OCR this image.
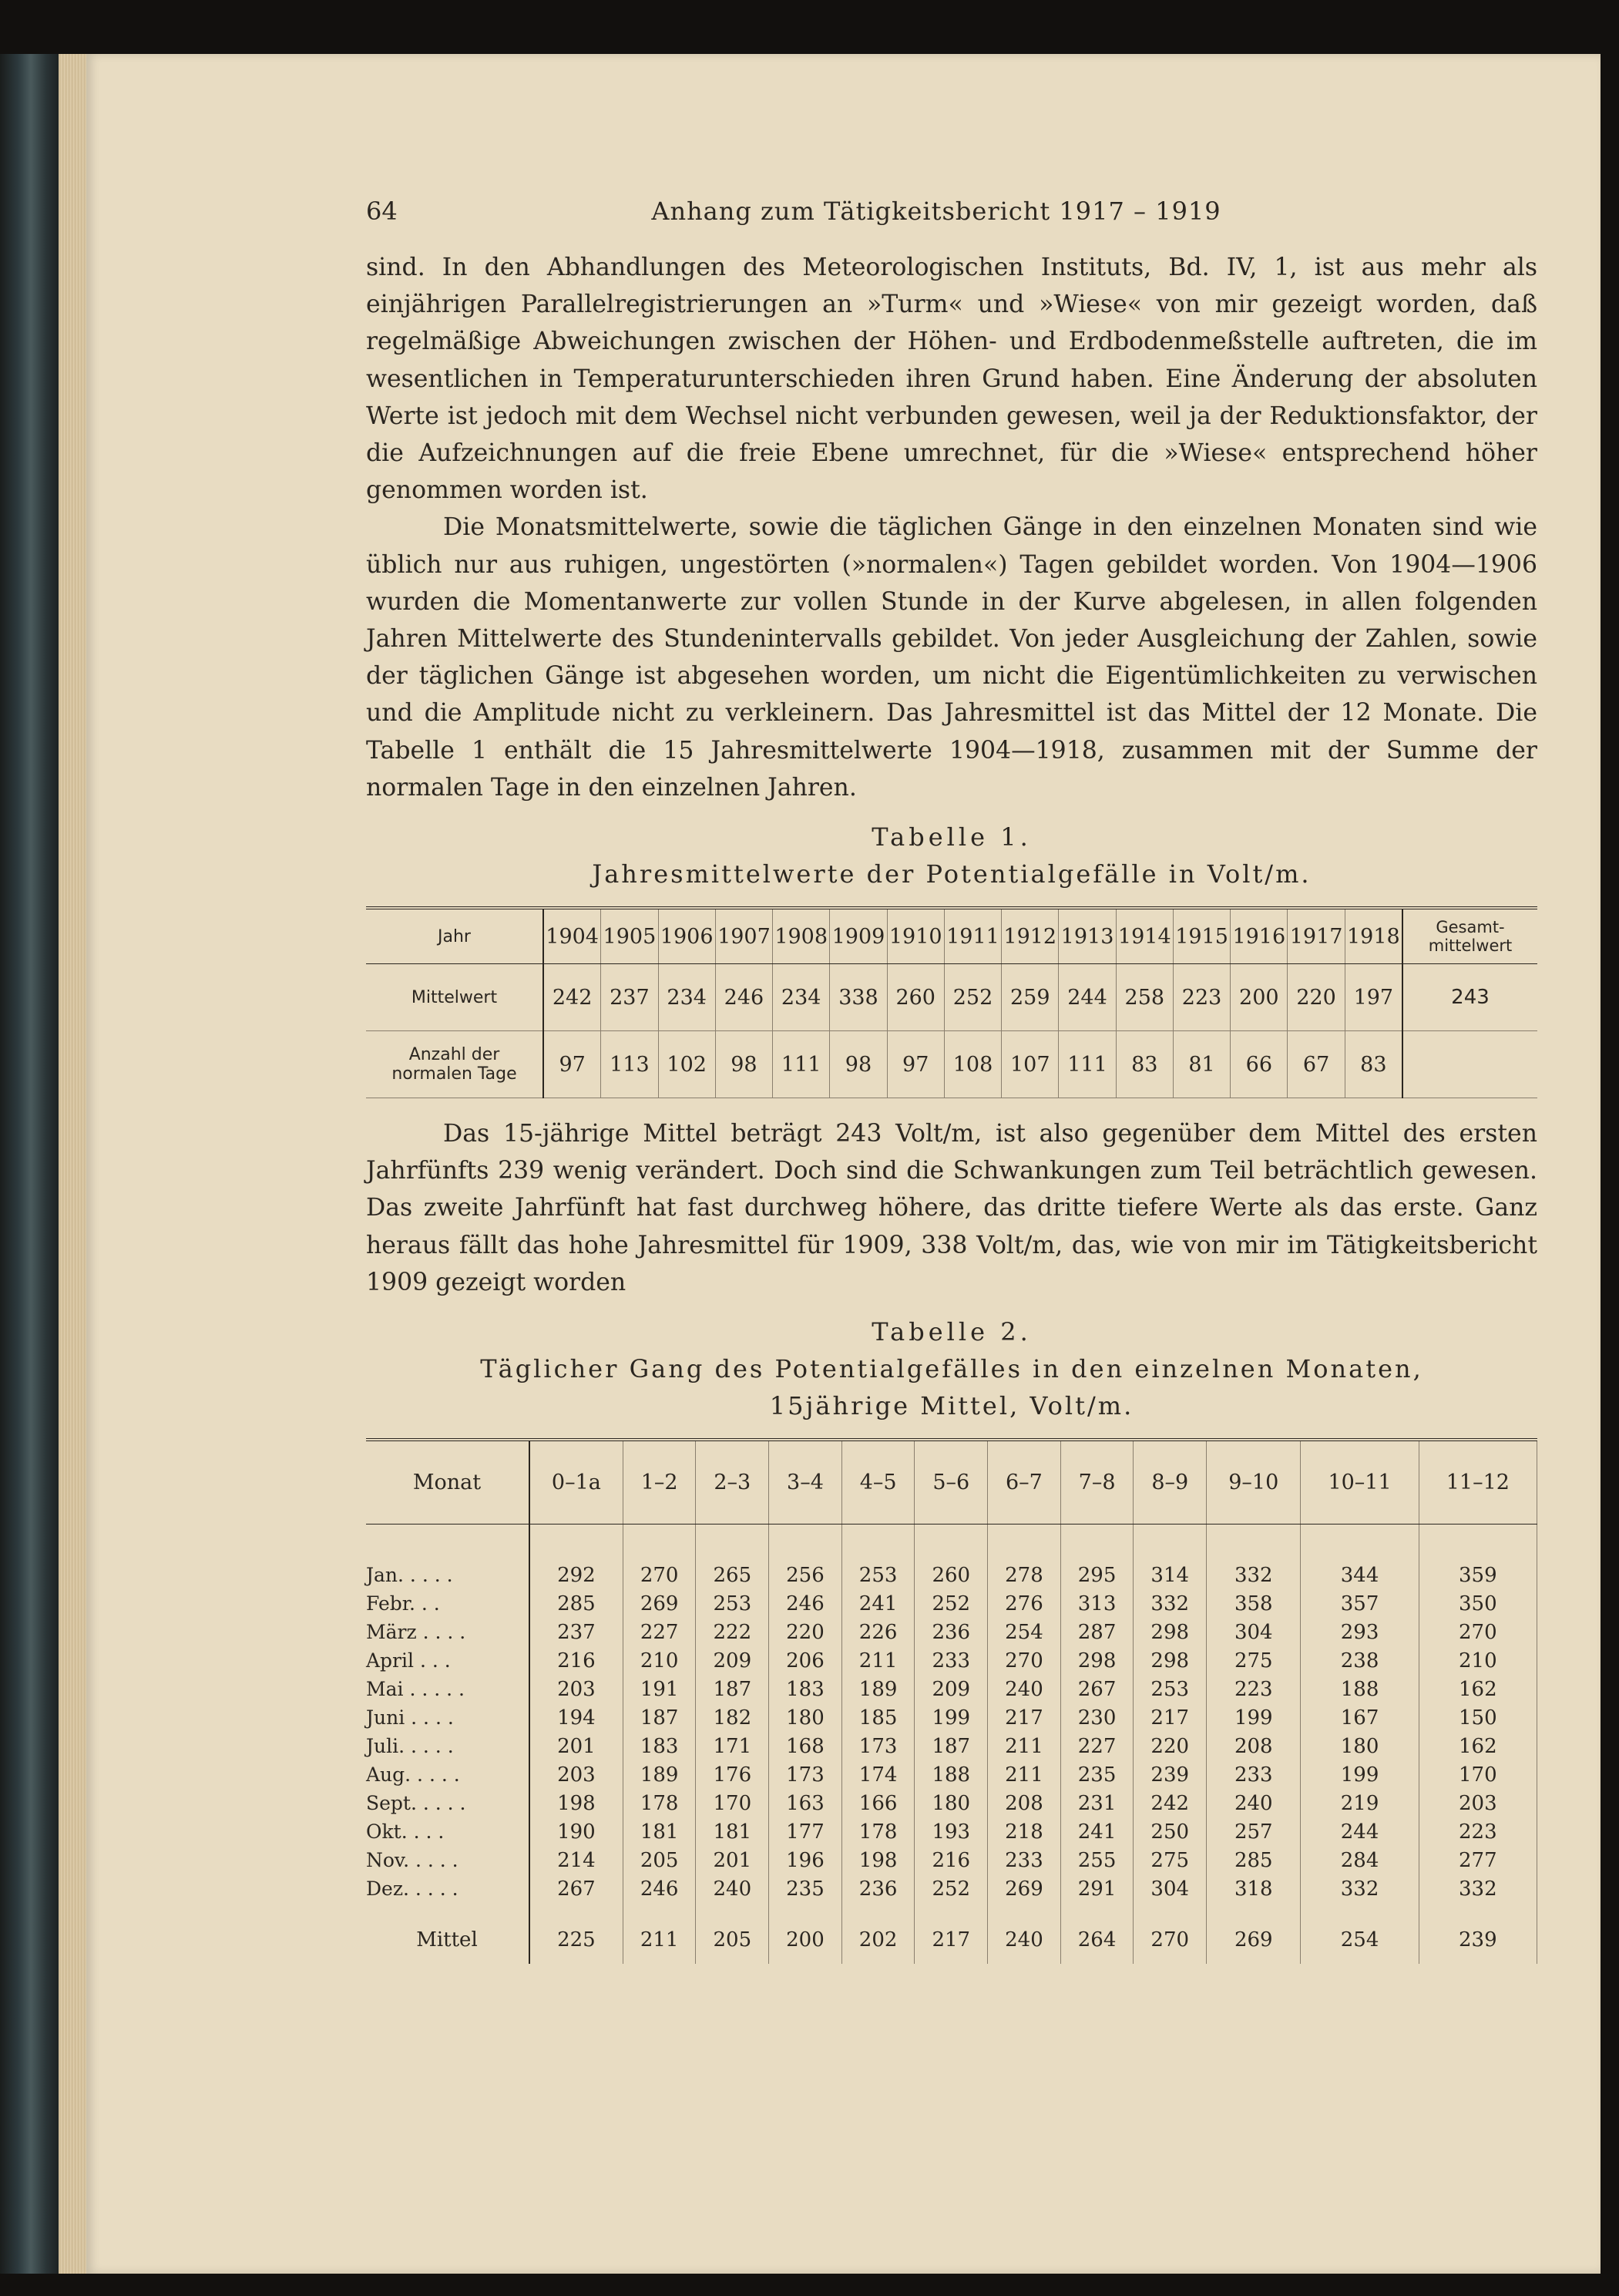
64	Anhang zum Tätigkeitsbericht 1917 – 1919

sind. In den Abhandlungen des Meteorologischen Instituts, Bd. IV, 1, ist aus mehr als einjährigen Parallelregistrierungen an »Turm« und »Wiese« von mir gezeigt worden, daß regelmäßige Abweichungen zwischen der Höhen- und Erdbodenmeßstelle auftreten, die im wesentlichen in Temperaturunterschieden ihren Grund haben. Eine Änderung der absoluten Werte ist jedoch mit dem Wechsel nicht verbunden gewesen, weil ja der Reduktionsfaktor, der die Aufzeichnungen auf die freie Ebene umrechnet, für die »Wiese« entsprechend höher genommen worden ist.

Die Monatsmittelwerte, sowie die täglichen Gänge in den einzelnen Monaten sind wie üblich nur aus ruhigen, ungestörten (»normalen«) Tagen gebildet worden. Von 1904—1906 wurden die Momentanwerte zur vollen Stunde in der Kurve abgelesen, in allen folgenden Jahren Mittelwerte des Stundenintervalls gebildet. Von jeder Ausgleichung der Zahlen, sowie der täglichen Gänge ist abgesehen worden, um nicht die Eigentümlichkeiten zu verwischen und die Amplitude nicht zu verkleinern. Das Jahresmittel ist das Mittel der 12 Monate. Die Tabelle 1 enthält die 15 Jahresmittelwerte 1904—1918, zusammen mit der Summe der normalen Tage in den einzelnen Jahren.

Tabelle 1.
Jahresmittelwerte der Potentialgefälle in Volt/m.
Jahr	1904	1905	1906	1907	1908	1909	1910	1911	1912	1913	1914	1915	1916	1917	1918	Gesamt-mittelwert
Mittelwert	242	237	234	246	234	338	260	252	259	244	258	223	200	220	197	243
Anzahl der normalen Tage	97	113	102	98	111	98	97	108	107	111	83	81	66	67	83	

Das 15-jährige Mittel beträgt 243 Volt/m, ist also gegenüber dem Mittel des ersten Jahrfünfts 239 wenig verändert. Doch sind die Schwankungen zum Teil beträchtlich gewesen. Das zweite Jahrfünft hat fast durchweg höhere, das dritte tiefere Werte als das erste. Ganz heraus fällt das hohe Jahresmittel für 1909, 338 Volt/m, das, wie von mir im Tätigkeitsbericht 1909 gezeigt worden

Tabelle 2.
Täglicher Gang des Potentialgefälles in den einzelnen Monaten,
15jährige Mittel, Volt/m.
Monat	0–1a	1–2	2–3	3–4	4–5	5–6	6–7	7–8	8–9	9–10	10–11	11–12
Jan. . . . .	292	270	265	256	253	260	278	295	314	332	344	359
Febr. . .	285	269	253	246	241	252	276	313	332	358	357	350
März . . . .	237	227	222	220	226	236	254	287	298	304	293	270
April . . .	216	210	209	206	211	233	270	298	298	275	238	210
Mai . . . . .	203	191	187	183	189	209	240	267	253	223	188	162
Juni . . . .	194	187	182	180	185	199	217	230	217	199	167	150
Juli. . . . .	201	183	171	168	173	187	211	227	220	208	180	162
Aug. . . . .	203	189	176	173	174	188	211	235	239	233	199	170
Sept. . . . .	198	178	170	163	166	180	208	231	242	240	219	203
Okt. . . .	190	181	181	177	178	193	218	241	250	257	244	223
Nov. . . . .	214	205	201	196	198	216	233	255	275	285	284	277
Dez. . . . .	267	246	240	235	236	252	269	291	304	318	332	332
Mittel	225	211	205	200	202	217	240	264	270	269	254	239
